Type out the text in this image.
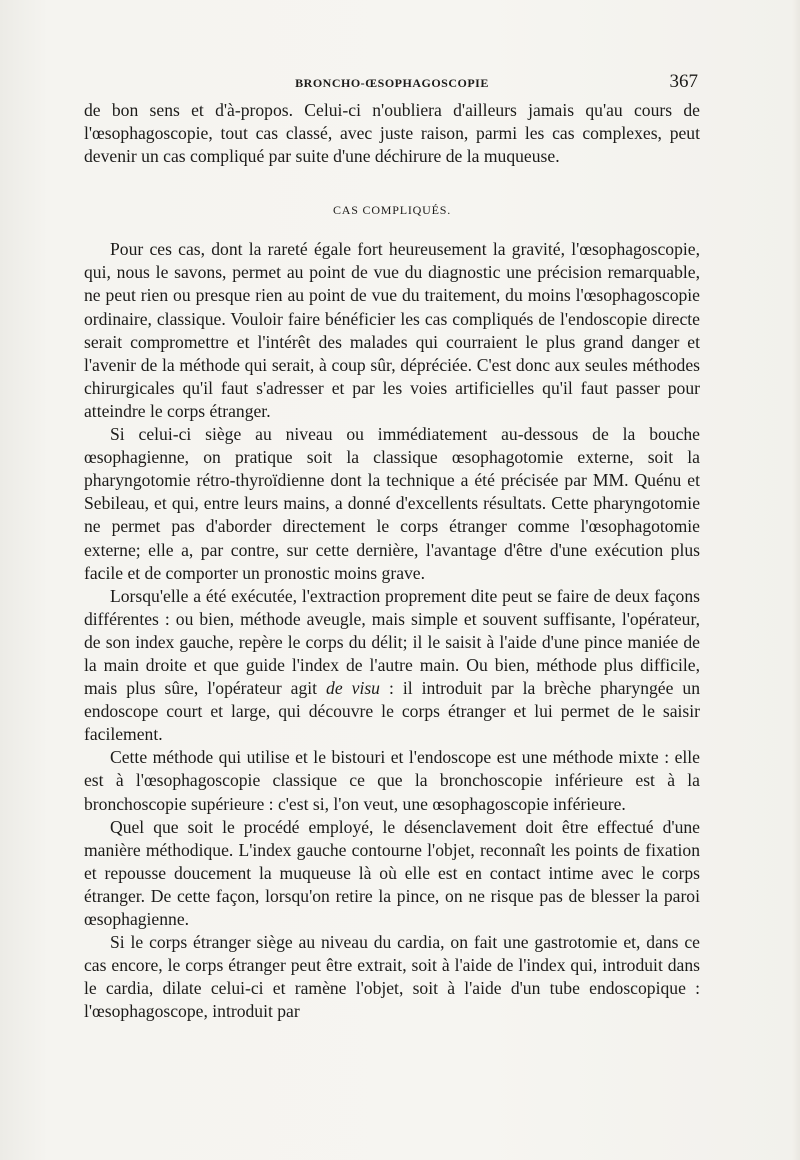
BRONCHO-ŒSOPHAGOSCOPIE	367

de bon sens et d'à-propos. Celui-ci n'oubliera d'ailleurs jamais qu'au cours de l'œsophagoscopie, tout cas classé, avec juste raison, parmi les cas complexes, peut devenir un cas compliqué par suite d'une déchirure de la muqueuse.

CAS COMPLIQUÉS.

Pour ces cas, dont la rareté égale fort heureusement la gravité, l'œsophagoscopie, qui, nous le savons, permet au point de vue du diagnostic une précision remarquable, ne peut rien ou presque rien au point de vue du traitement, du moins l'œsophagoscopie ordinaire, classique. Vouloir faire bénéficier les cas compliqués de l'endoscopie directe serait compromettre et l'intérêt des malades qui courraient le plus grand danger et l'avenir de la méthode qui serait, à coup sûr, dépréciée. C'est donc aux seules méthodes chirurgicales qu'il faut s'adresser et par les voies artificielles qu'il faut passer pour atteindre le corps étranger.

Si celui-ci siège au niveau ou immédiatement au-dessous de la bouche œsophagienne, on pratique soit la classique œsophagotomie externe, soit la pharyngotomie rétro-thyroïdienne dont la technique a été précisée par MM. Quénu et Sebileau, et qui, entre leurs mains, a donné d'excellents résultats. Cette pharyngotomie ne permet pas d'aborder directement le corps étranger comme l'œsophagotomie externe; elle a, par contre, sur cette dernière, l'avantage d'être d'une exécution plus facile et de comporter un pronostic moins grave.

Lorsqu'elle a été exécutée, l'extraction proprement dite peut se faire de deux façons différentes : ou bien, méthode aveugle, mais simple et souvent suffisante, l'opérateur, de son index gauche, repère le corps du délit; il le saisit à l'aide d'une pince maniée de la main droite et que guide l'index de l'autre main. Ou bien, méthode plus difficile, mais plus sûre, l'opérateur agit de visu : il introduit par la brèche pharyngée un endoscope court et large, qui découvre le corps étranger et lui permet de le saisir facilement.

Cette méthode qui utilise et le bistouri et l'endoscope est une méthode mixte : elle est à l'œsophagoscopie classique ce que la bronchoscopie inférieure est à la bronchoscopie supérieure : c'est si, l'on veut, une œsophagoscopie inférieure.

Quel que soit le procédé employé, le désenclavement doit être effectué d'une manière méthodique. L'index gauche contourne l'objet, reconnaît les points de fixation et repousse doucement la muqueuse là où elle est en contact intime avec le corps étranger. De cette façon, lorsqu'on retire la pince, on ne risque pas de blesser la paroi œsophagienne.

Si le corps étranger siège au niveau du cardia, on fait une gastrotomie et, dans ce cas encore, le corps étranger peut être extrait, soit à l'aide de l'index qui, introduit dans le cardia, dilate celui-ci et ramène l'objet, soit à l'aide d'un tube endoscopique : l'œsophagoscope, introduit par
